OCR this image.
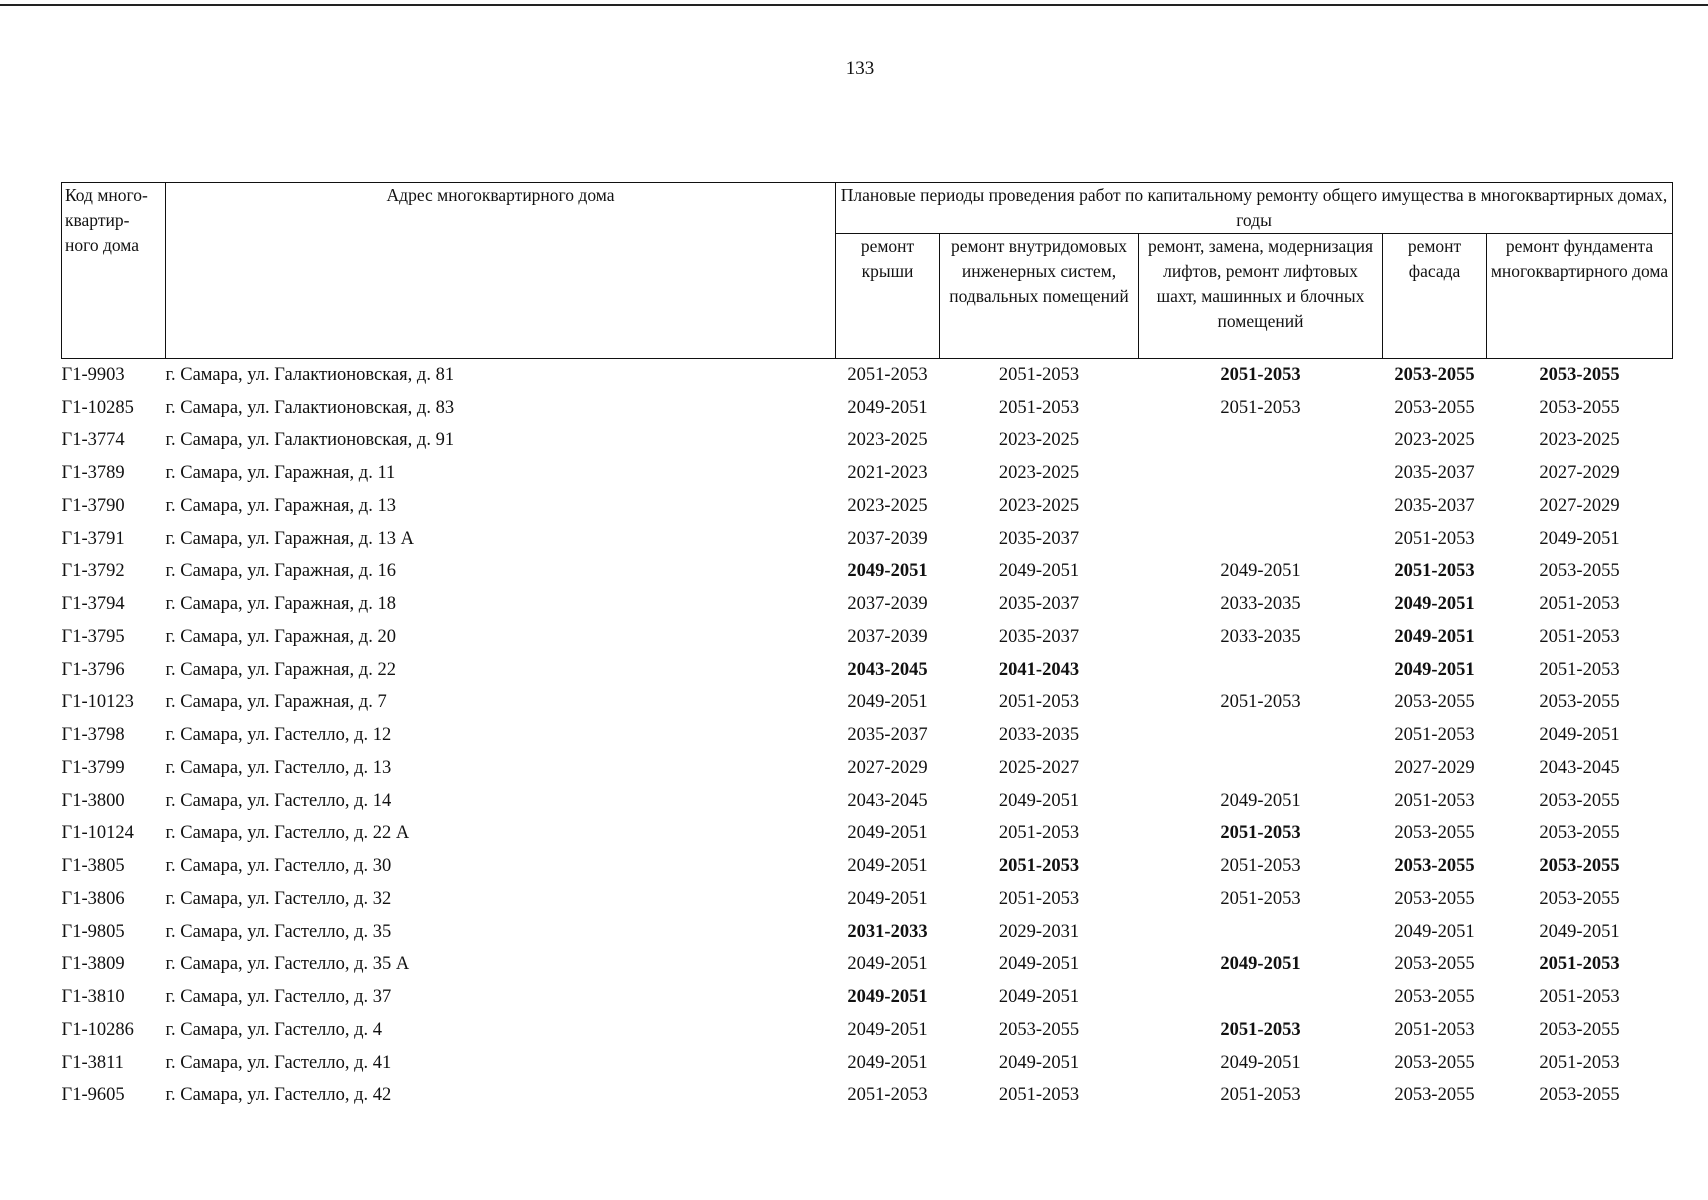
133
Код много-квартир-ного дома	Адрес многоквартирного дома	Плановые периоды проведения работ по капитальному ремонту общего имущества в многоквартирных домах, годы				
		ремонт крыши	ремонт внутридомовых инженерных систем, подвальных помещений	ремонт, замена, модернизация лифтов, ремонт лифтовых шахт, машинных и блочных помещений	ремонт фасада	ремонт фундамента многоквартирного дома
Г1-9903	г. Самара, ул. Галактионовская, д. 81	2051-2053	2051-2053	2051-2053	2053-2055	2053-2055
Г1-10285	г. Самара, ул. Галактионовская, д. 83	2049-2051	2051-2053	2051-2053	2053-2055	2053-2055
Г1-3774	г. Самара, ул. Галактионовская, д. 91	2023-2025	2023-2025		2023-2025	2023-2025
Г1-3789	г. Самара, ул. Гаражная, д. 11	2021-2023	2023-2025		2035-2037	2027-2029
Г1-3790	г. Самара, ул. Гаражная, д. 13	2023-2025	2023-2025		2035-2037	2027-2029
Г1-3791	г. Самара, ул. Гаражная, д. 13 А	2037-2039	2035-2037		2051-2053	2049-2051
Г1-3792	г. Самара, ул. Гаражная, д. 16	2049-2051	2049-2051	2049-2051	2051-2053	2053-2055
Г1-3794	г. Самара, ул. Гаражная, д. 18	2037-2039	2035-2037	2033-2035	2049-2051	2051-2053
Г1-3795	г. Самара, ул. Гаражная, д. 20	2037-2039	2035-2037	2033-2035	2049-2051	2051-2053
Г1-3796	г. Самара, ул. Гаражная, д. 22	2043-2045	2041-2043		2049-2051	2051-2053
Г1-10123	г. Самара, ул. Гаражная, д. 7	2049-2051	2051-2053	2051-2053	2053-2055	2053-2055
Г1-3798	г. Самара, ул. Гастелло, д. 12	2035-2037	2033-2035		2051-2053	2049-2051
Г1-3799	г. Самара, ул. Гастелло, д. 13	2027-2029	2025-2027		2027-2029	2043-2045
Г1-3800	г. Самара, ул. Гастелло, д. 14	2043-2045	2049-2051	2049-2051	2051-2053	2053-2055
Г1-10124	г. Самара, ул. Гастелло, д. 22 А	2049-2051	2051-2053	2051-2053	2053-2055	2053-2055
Г1-3805	г. Самара, ул. Гастелло, д. 30	2049-2051	2051-2053	2051-2053	2053-2055	2053-2055
Г1-3806	г. Самара, ул. Гастелло, д. 32	2049-2051	2051-2053	2051-2053	2053-2055	2053-2055
Г1-9805	г. Самара, ул. Гастелло, д. 35	2031-2033	2029-2031		2049-2051	2049-2051
Г1-3809	г. Самара, ул. Гастелло, д. 35 А	2049-2051	2049-2051	2049-2051	2053-2055	2051-2053
Г1-3810	г. Самара, ул. Гастелло, д. 37	2049-2051	2049-2051		2053-2055	2051-2053
Г1-10286	г. Самара, ул. Гастелло, д. 4	2049-2051	2053-2055	2051-2053	2051-2053	2053-2055
Г1-3811	г. Самара, ул. Гастелло, д. 41	2049-2051	2049-2051	2049-2051	2053-2055	2051-2053
Г1-9605	г. Самара, ул. Гастелло, д. 42	2051-2053	2051-2053	2051-2053	2053-2055	2053-2055
